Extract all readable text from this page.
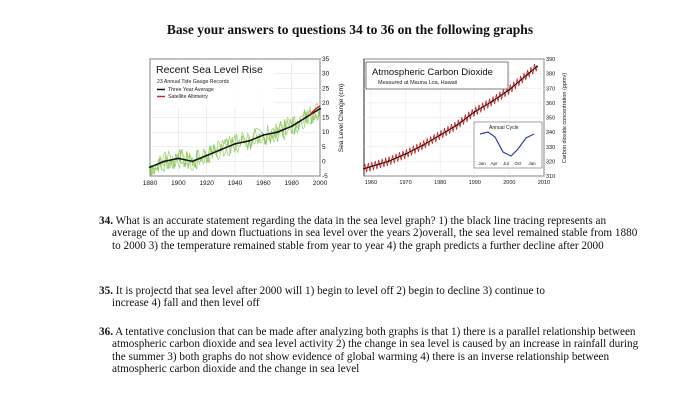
Base your answers to questions 34 to 36 on the following graphs
Recent Sea Level Rise
23 Annual Tide Gauge Records
Three Year Average
Satellite Altimetry
1880 1900 1920 1940 1960 1980 2000
-5
0
5
10
15
20
25
30
35
Sea Level Change (cm)
Atmospheric Carbon Dioxide
Measured at Mauna Loa, Hawaii
Annual Cycle
Jan Apr Jul Oct Jan
1960	1970	1980	1990	2000	2010
310
320
330
340
350
360
370
380
390
Carbon dioxide concentration (ppmv)
34. What is an accurate statement regarding the data in the sea level graph? 1) the black line tracing represents an average of the up and down fluctuations in sea level over the years 2)overall, the sea level remained stable from 1880 to 2000 3) the temperature remained stable from year to year 4) the graph predicts a further decline after 2000
35. It is projectd that sea level after 2000 will 1) begin to level off 2) begin to decline 3) continue to increase 4) fall and then level off
36. A tentative conclusion that can be made after analyzing both graphs is that 1) there is a parallel relationship between atmospheric carbon dioxide and sea level activity 2) the change in sea level is caused by an increase in rainfall during the summer 3) both graphs do not show evidence of global warming 4) there is an inverse relationship between atmospheric carbon dioxide and the change in sea level
